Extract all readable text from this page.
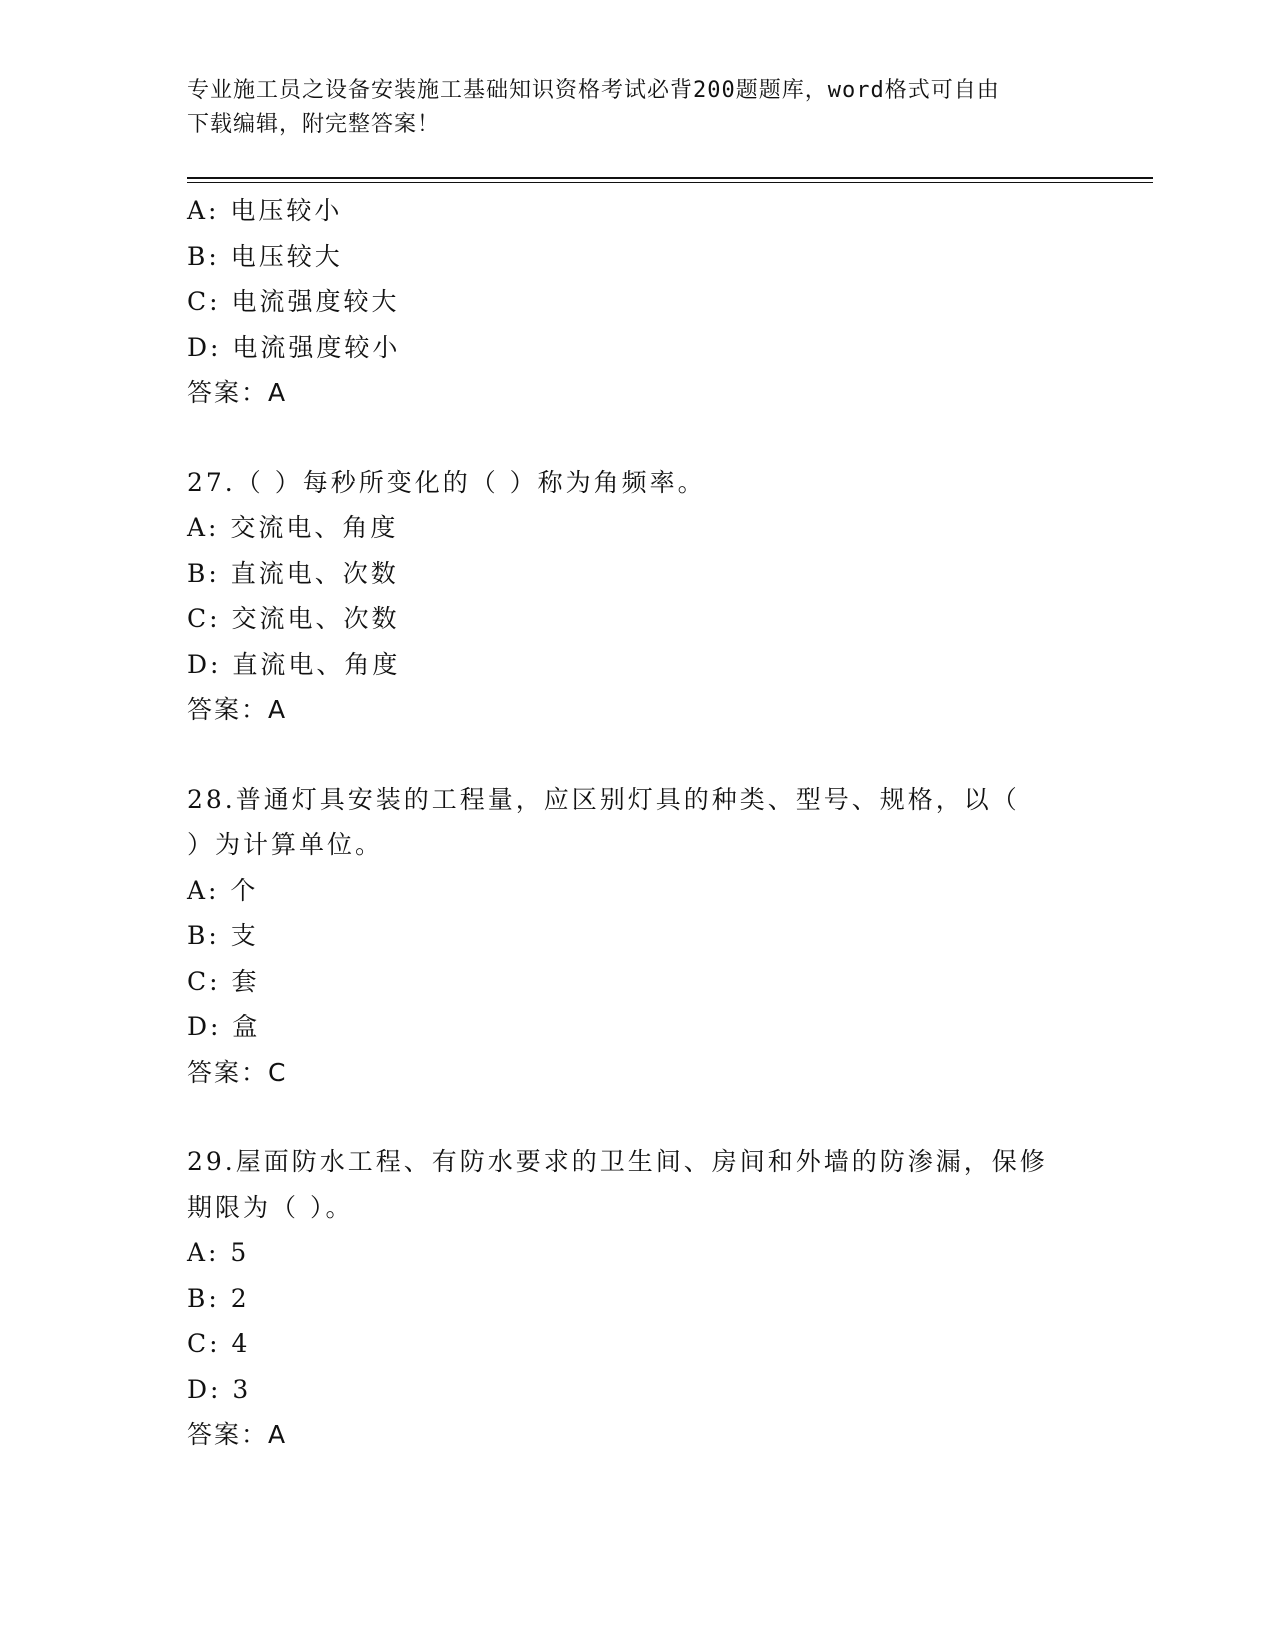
专业施工员之设备安装施工基础知识资格考试必背200题题库，word格式可自由
下载编辑，附完整答案！
A: 电压较小
B: 电压较大
C: 电流强度较大
D: 电流强度较小
答案：A
27.（ ）每秒所变化的（ ）称为角频率。
A: 交流电、角度
B: 直流电、次数
C: 交流电、次数
D: 直流电、角度
答案：A
28.普通灯具安装的工程量，应区别灯具的种类、型号、规格，以（
）为计算单位。
A: 个
B: 支
C: 套
D: 盒
答案：C
29.屋面防水工程、有防水要求的卫生间、房间和外墙的防渗漏，保修
期限为（ ）。
A: 5
B: 2
C: 4
D: 3
答案：A
